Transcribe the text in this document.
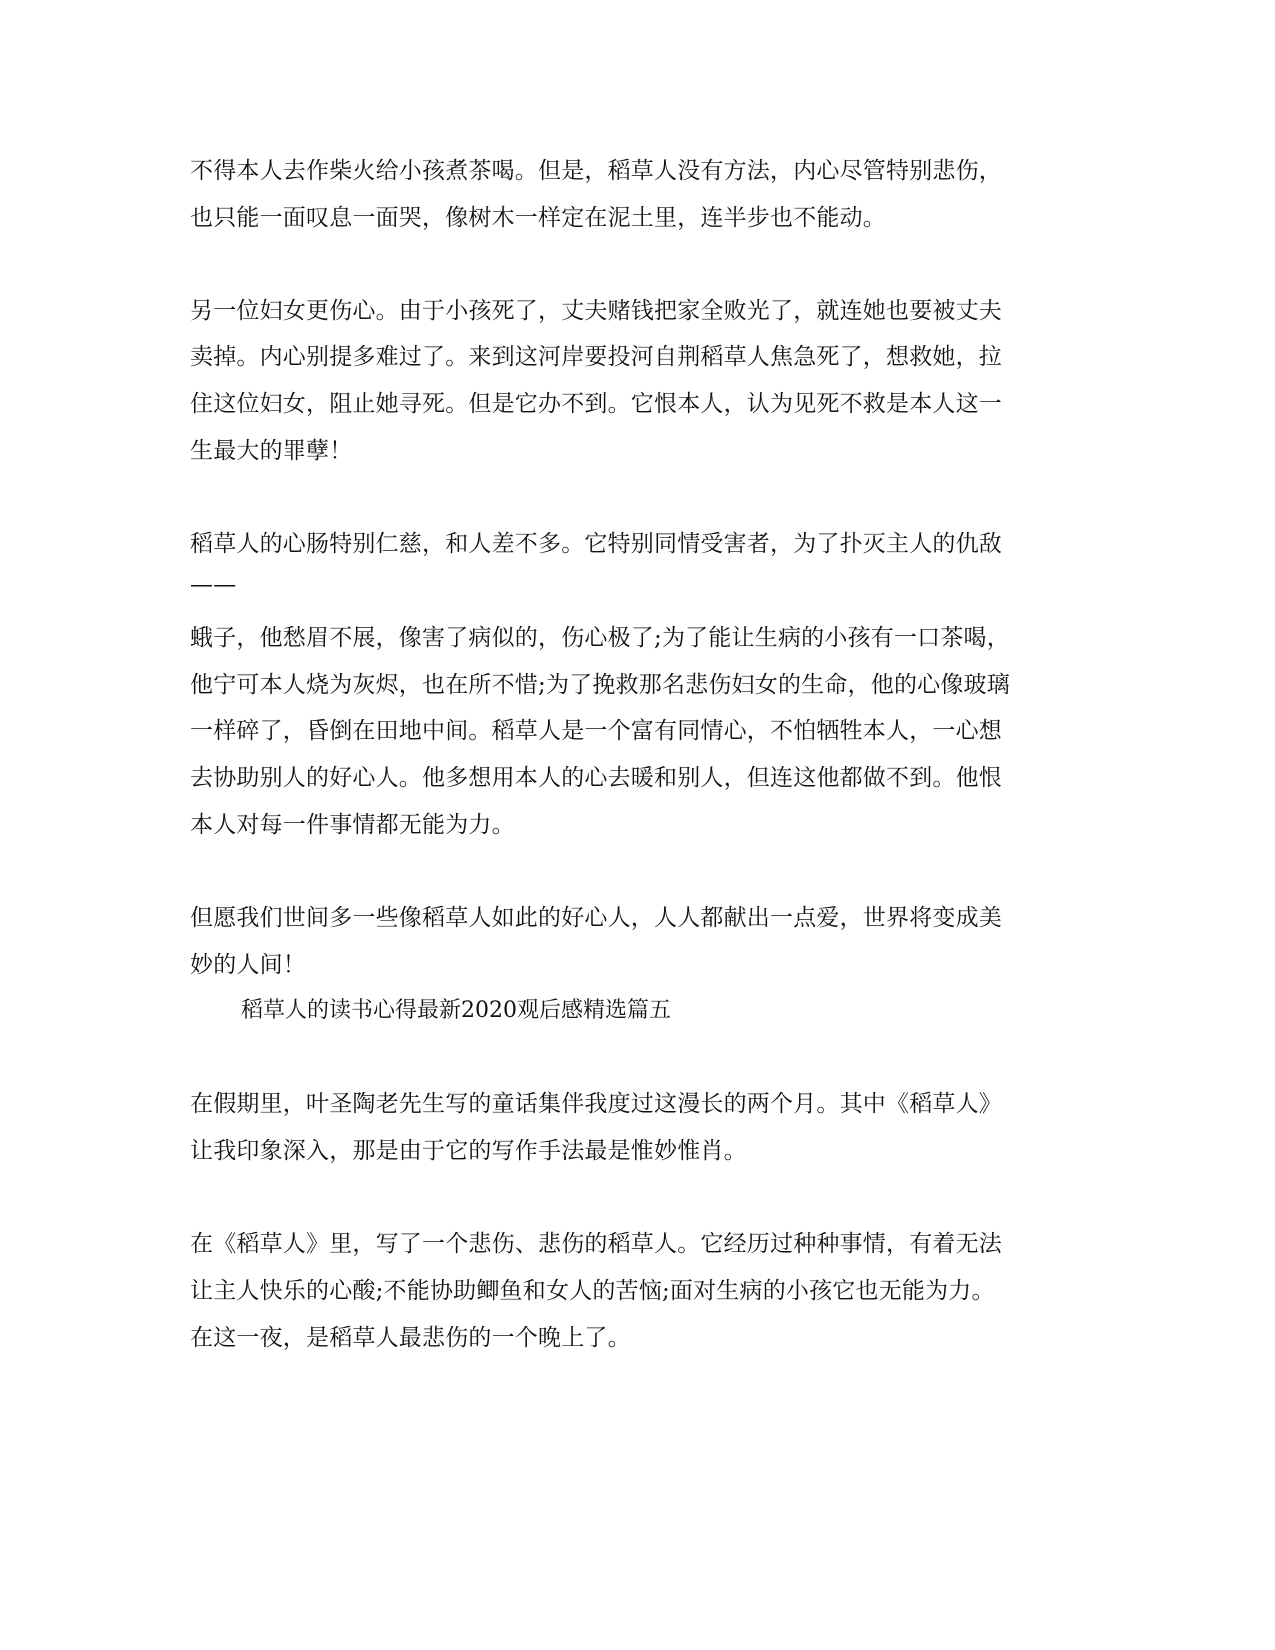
不得本人去作柴火给小孩煮茶喝。但是，稻草人没有方法，内心尽管特别悲伤，
也只能一面叹息一面哭，像树木一样定在泥土里，连半步也不能动。
另一位妇女更伤心。由于小孩死了，丈夫赌钱把家全败光了，就连她也要被丈夫
卖掉。内心别提多难过了。来到这河岸要投河自荆稻草人焦急死了，想救她，拉
住这位妇女，阻止她寻死。但是它办不到。它恨本人，认为见死不救是本人这一
生最大的罪孽！
稻草人的心肠特别仁慈，和人差不多。它特别同情受害者，为了扑灭主人的仇敌
——
蛾子，他愁眉不展，像害了病似的，伤心极了;为了能让生病的小孩有一口茶喝，
他宁可本人烧为灰烬，也在所不惜;为了挽救那名悲伤妇女的生命，他的心像玻璃
一样碎了，昏倒在田地中间。稻草人是一个富有同情心，不怕牺牲本人，一心想
去协助别人的好心人。他多想用本人的心去暖和别人，但连这他都做不到。他恨
本人对每一件事情都无能为力。
但愿我们世间多一些像稻草人如此的好心人，人人都献出一点爱，世界将变成美
妙的人间！
稻草人的读书心得最新2020观后感精选篇五
在假期里，叶圣陶老先生写的童话集伴我度过这漫长的两个月。其中《稻草人》
让我印象深入，那是由于它的写作手法最是惟妙惟肖。
在《稻草人》里，写了一个悲伤、悲伤的稻草人。它经历过种种事情，有着无法
让主人快乐的心酸;不能协助鲫鱼和女人的苦恼;面对生病的小孩它也无能为力。
在这一夜，是稻草人最悲伤的一个晚上了。
